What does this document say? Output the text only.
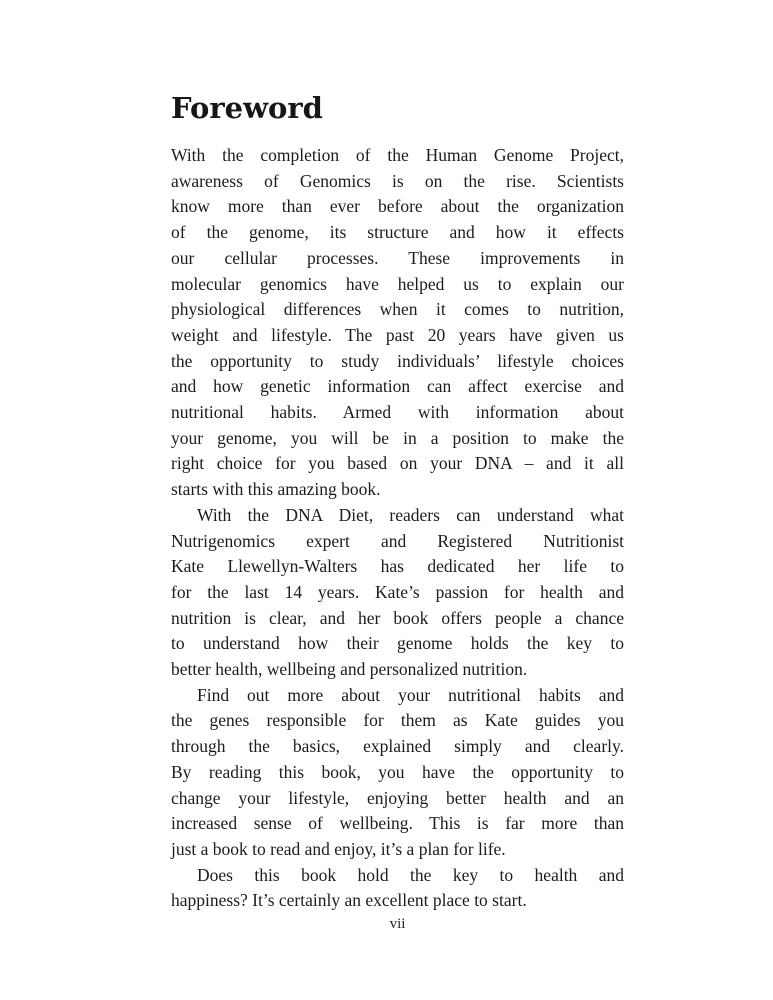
Foreword
With the completion of the Human Genome Project,
awareness of Genomics is on the rise. Scientists
know more than ever before about the organization
of the genome, its structure and how it effects
our cellular processes. These improvements in
molecular genomics have helped us to explain our
physiological differences when it comes to nutrition,
weight and lifestyle. The past 20 years have given us
the opportunity to study individuals’ lifestyle choices
and how genetic information can affect exercise and
nutritional habits. Armed with information about
your genome, you will be in a position to make the
right choice for you based on your DNA – and it all
starts with this amazing book.
With the DNA Diet, readers can understand what
Nutrigenomics expert and Registered Nutritionist
Kate Llewellyn-Walters has dedicated her life to
for the last 14 years. Kate’s passion for health and
nutrition is clear, and her book offers people a chance
to understand how their genome holds the key to
better health, wellbeing and personalized nutrition.
Find out more about your nutritional habits and
the genes responsible for them as Kate guides you
through the basics, explained simply and clearly.
By reading this book, you have the opportunity to
change your lifestyle, enjoying better health and an
increased sense of wellbeing. This is far more than
just a book to read and enjoy, it’s a plan for life.
Does this book hold the key to health and
happiness? It’s certainly an excellent place to start.
vii
